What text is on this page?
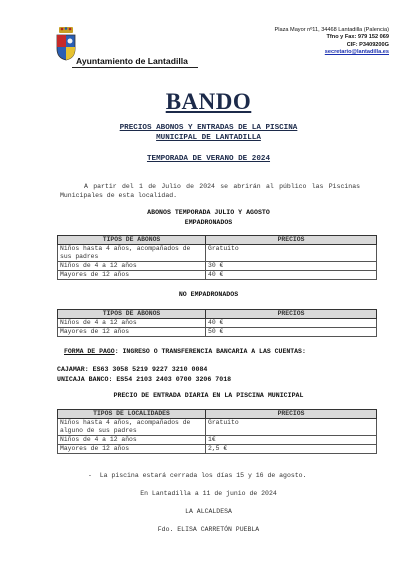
Ayuntamiento de Lantadilla
Plaza Mayor nº11, 34468 Lantadilla (Palencia)
Tfno y Fax: 979 152 069
CIF: P3409200G
secretario@lantadilla.es
BANDO
PRECIOS ABONOS Y ENTRADAS DE LA PISCINA
MUNICIPAL DE LANTADILLA
TEMPORADA DE VERANO DE 2024
A partir del 1 de Julio de 2024 se abrirán al público las Piscinas Municipales de esta localidad.
ABONOS TEMPORADA JULIO Y AGOSTO
EMPADRONADOS
TIPOS DE ABONOS	PRECIOS
Niños hasta 4 años, acompañados de sus padres	Gratuito
Niños de 4 a 12 años	30 €
Mayores de 12 años	40 €
NO EMPADRONADOS
TIPOS DE ABONOS	PRECIOS
Niños de 4 a 12 años	40 €
Mayores de 12 años	50 €
FORMA DE PAGO: INGRESO O TRANSFERENCIA BANCARIA A LAS CUENTAS:
CAJAMAR: ES63 3058 5219 9227 3210 0084
UNICAJA BANCO: ES54 2103 2403 0700 3206 7018
PRECIO DE ENTRADA DIARIA EN LA PISCINA MUNICIPAL
TIPOS DE LOCALIDADES	PRECIOS
Niños hasta 4 años, acompañados de alguno de sus padres	Gratuito
Niños de 4 a 12 años	1€
Mayores de 12 años	2,5 €
- La piscina estará cerrada los días 15 y 16 de agosto.
En Lantadilla a 11 de junio de 2024
LA ALCALDESA
Fdo. ELISA CARRETÓN PUEBLA
